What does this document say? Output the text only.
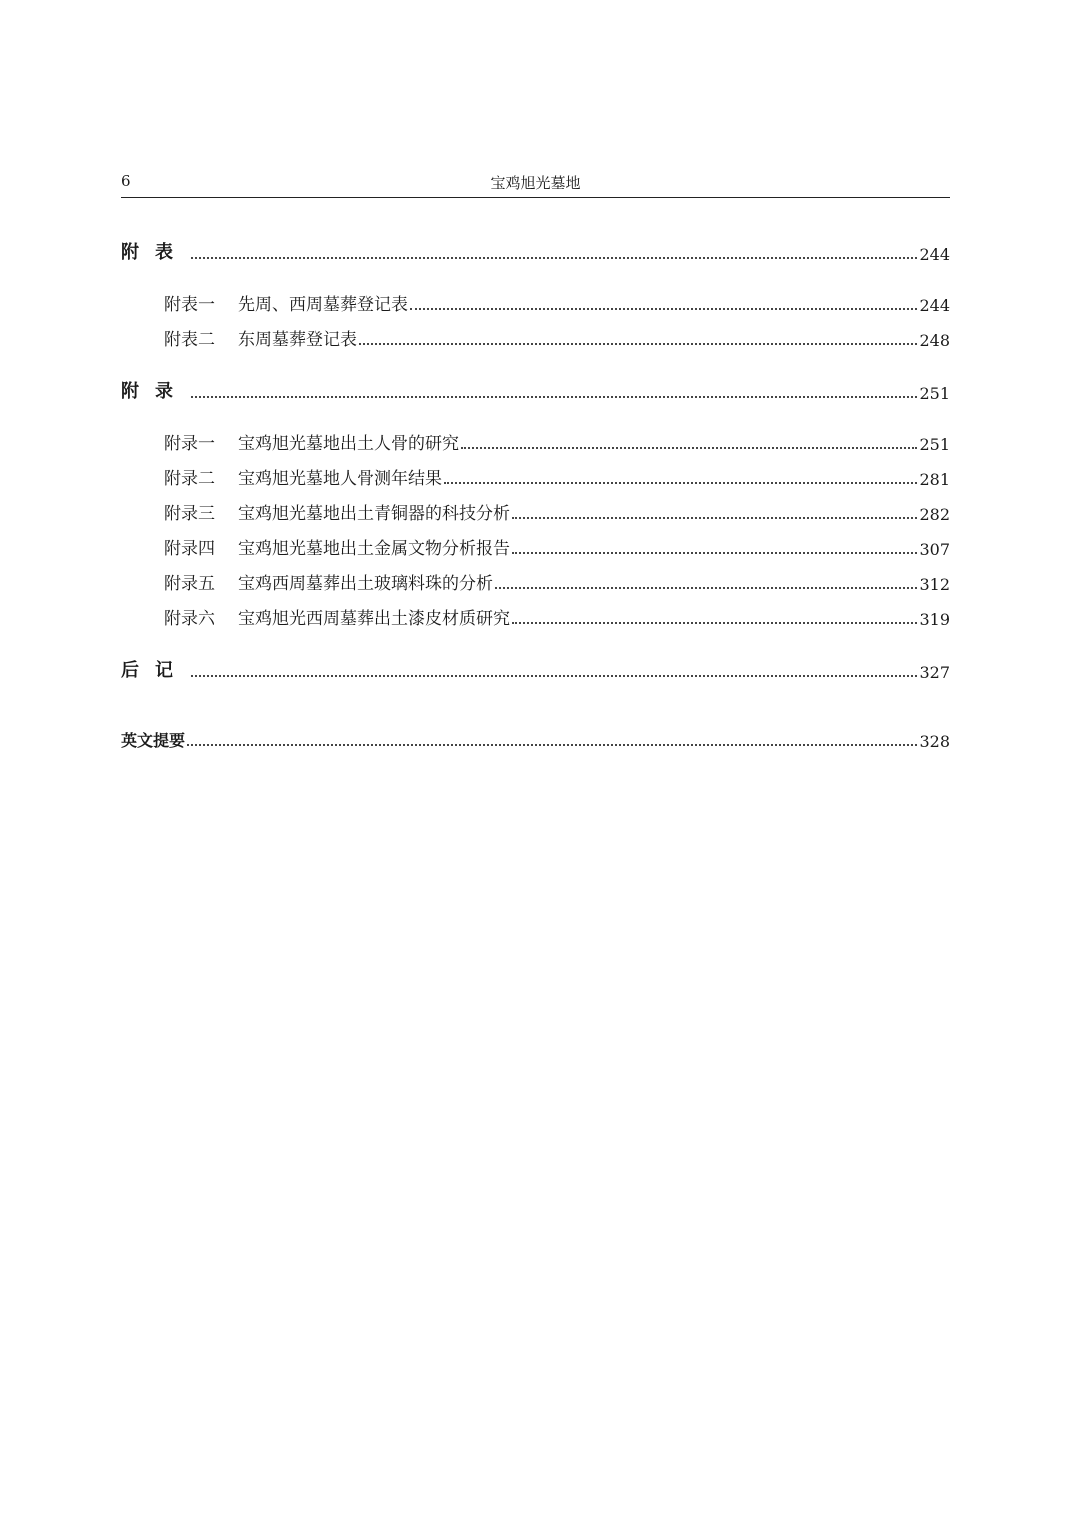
6	宝鸡旭光墓地
附表	244
附表一 先周、西周墓葬登记表	244
附表二 东周墓葬登记表	248
附录	251
附录一 宝鸡旭光墓地出土人骨的研究	251
附录二 宝鸡旭光墓地人骨测年结果	281
附录三 宝鸡旭光墓地出土青铜器的科技分析	282
附录四 宝鸡旭光墓地出土金属文物分析报告	307
附录五 宝鸡西周墓葬出土玻璃料珠的分析	312
附录六 宝鸡旭光西周墓葬出土漆皮材质研究	319
后记	327
英文提要	328
